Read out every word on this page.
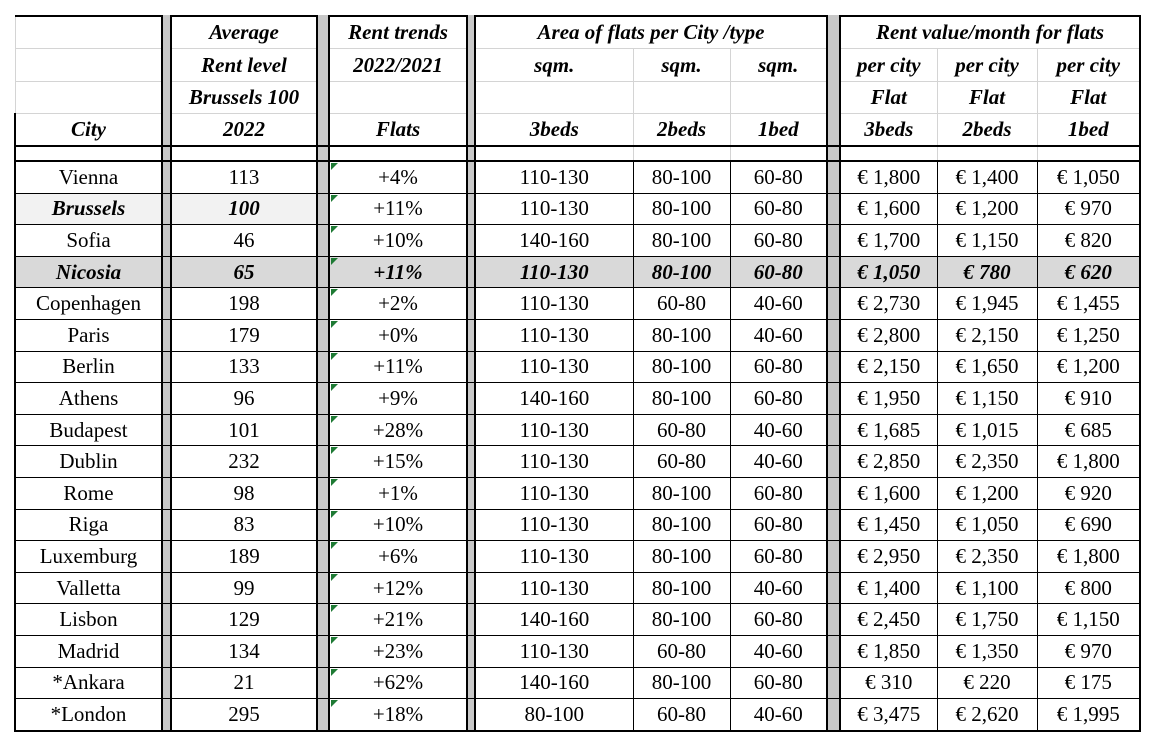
		Average		Rent trends		Area of flats per City /type				Rent value/month for flats		
		Rent level		2022/2021		sqm.	sqm.	sqm.		per city	per city	per city
		Brussels 100								Flat	Flat	Flat
City		2022		Flats		3beds	2beds	1bed		3beds	2beds	1bed

Vienna		113		+4%		110-130	80-100	60-80		€ 1,800	€ 1,400	€ 1,050
Brussels		100		+11%		110-130	80-100	60-80		€ 1,600	€ 1,200	€ 970
Sofia		46		+10%		140-160	80-100	60-80		€ 1,700	€ 1,150	€ 820
Nicosia		65		+11%		110-130	80-100	60-80		€ 1,050	€ 780	€ 620
Copenhagen		198		+2%		110-130	60-80	40-60		€ 2,730	€ 1,945	€ 1,455
Paris		179		+0%		110-130	80-100	40-60		€ 2,800	€ 2,150	€ 1,250
Berlin		133		+11%		110-130	80-100	60-80		€ 2,150	€ 1,650	€ 1,200
Athens		96		+9%		140-160	80-100	60-80		€ 1,950	€ 1,150	€ 910
Budapest		101		+28%		110-130	60-80	40-60		€ 1,685	€ 1,015	€ 685
Dublin		232		+15%		110-130	60-80	40-60		€ 2,850	€ 2,350	€ 1,800
Rome		98		+1%		110-130	80-100	60-80		€ 1,600	€ 1,200	€ 920
Riga		83		+10%		110-130	80-100	60-80		€ 1,450	€ 1,050	€ 690
Luxemburg		189		+6%		110-130	80-100	60-80		€ 2,950	€ 2,350	€ 1,800
Valletta		99		+12%		110-130	80-100	40-60		€ 1,400	€ 1,100	€ 800
Lisbon		129		+21%		140-160	80-100	60-80		€ 2,450	€ 1,750	€ 1,150
Madrid		134		+23%		110-130	60-80	40-60		€ 1,850	€ 1,350	€ 970
*Ankara		21		+62%		140-160	80-100	60-80		€ 310	€ 220	€ 175
*London		295		+18%		80-100	60-80	40-60		€ 3,475	€ 2,620	€ 1,995
